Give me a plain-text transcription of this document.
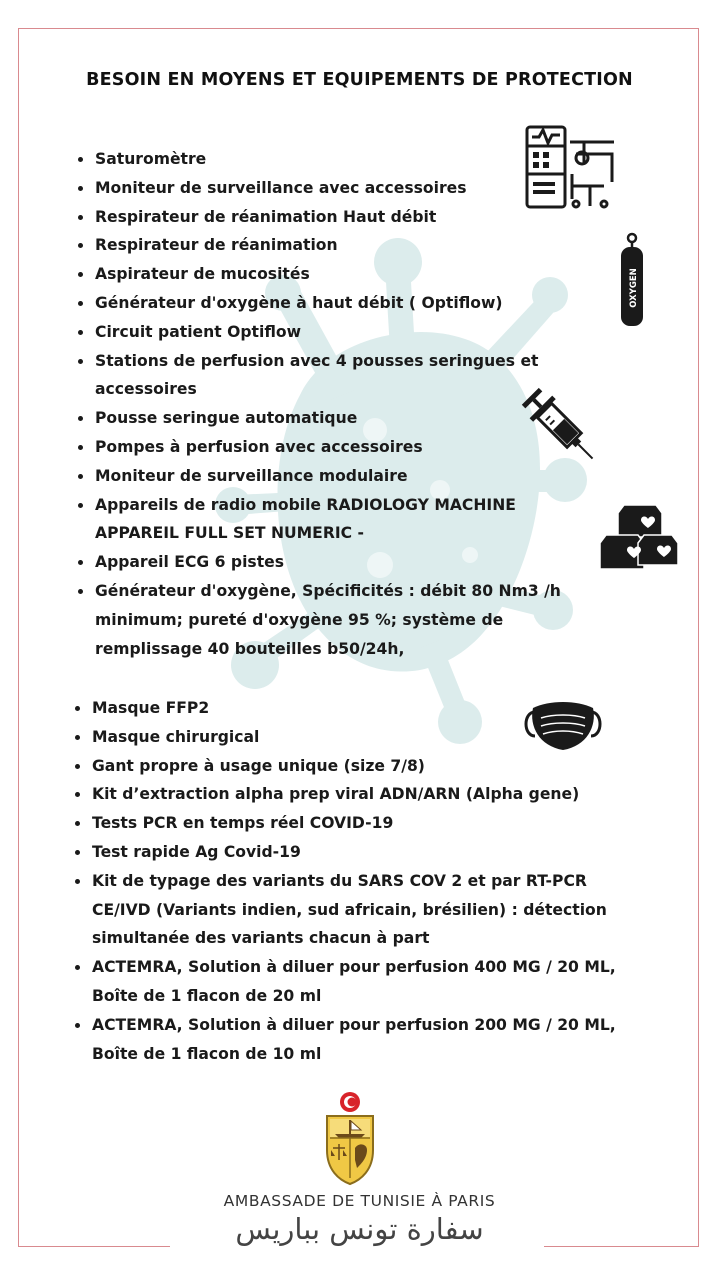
BESOIN EN MOYENS ET EQUIPEMENTS DE PROTECTION
Saturomètre
Moniteur de surveillance avec accessoires
Respirateur de réanimation Haut débit
Respirateur de réanimation
Aspirateur de mucosités
Générateur d'oxygène à haut débit ( Optiflow)
Circuit patient Optiflow
Stations de perfusion avec 4 pousses seringues et accessoires
Pousse seringue automatique
Pompes à perfusion avec accessoires
Moniteur de surveillance modulaire
Appareils de radio mobile RADIOLOGY MACHINE APPAREIL FULL SET NUMERIC -
Appareil ECG 6 pistes
Générateur d'oxygène, Spécificités : débit 80 Nm3 /h minimum; pureté d'oxygène 95 %; système de remplissage 40 bouteilles b50/24h,
Masque FFP2
Masque chirurgical
Gant propre à usage unique (size 7/8)
Kit d’extraction alpha prep viral ADN/ARN (Alpha gene)
Tests PCR en temps réel COVID-19
Test rapide Ag Covid-19
Kit de typage des variants du SARS COV 2 et par RT-PCR CE/IVD (Variants indien, sud africain, brésilien) : détection simultanée des variants chacun à part
ACTEMRA, Solution à diluer pour perfusion 400 MG / 20 ML, Boîte de 1 flacon de 20 ml
ACTEMRA, Solution à diluer pour perfusion 200 MG / 20 ML, Boîte de 1 flacon de 10 ml
OXYGEN
AMBASSADE DE TUNISIE À PARIS
سفارة تونس بباريس
